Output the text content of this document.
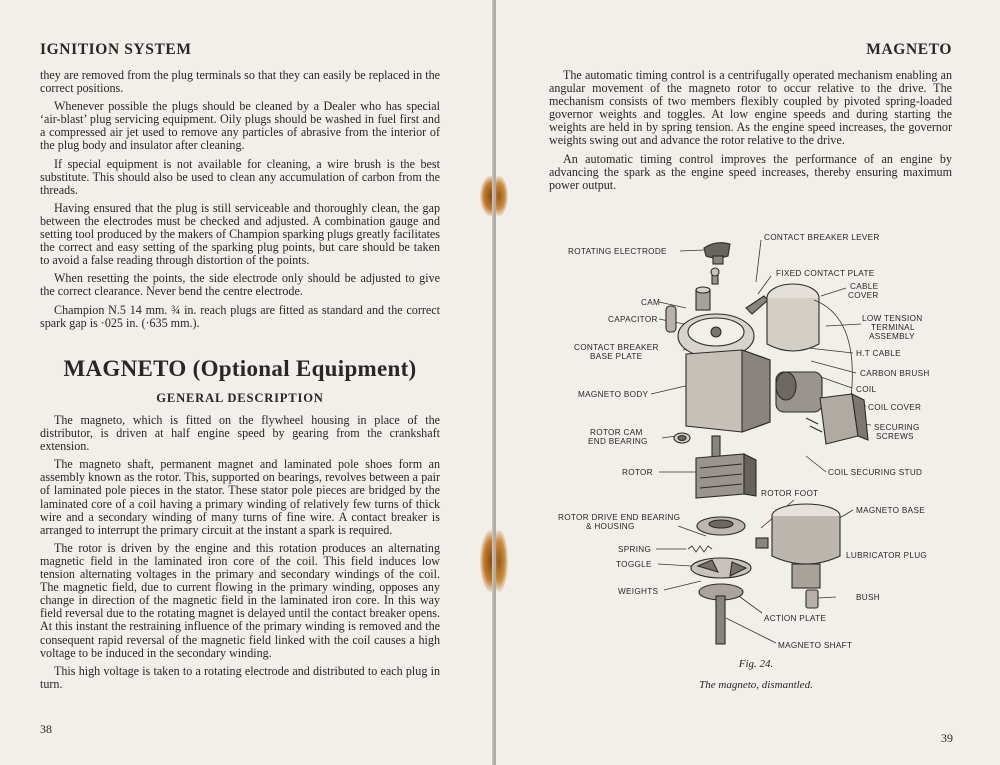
IGNITION SYSTEM

they are removed from the plug terminals so that they can easily be replaced in the correct positions.

Whenever possible the plugs should be cleaned by a Dealer who has special ‘air-blast’ plug servicing equipment. Oily plugs should be washed in fuel first and a compressed air jet used to remove any particles of abrasive from the interior of the plug body and insulator after cleaning.

If special equipment is not available for cleaning, a wire brush is the best substitute. This should also be used to clean any accumulation of carbon from the threads.

Having ensured that the plug is still serviceable and thoroughly clean, the gap between the electrodes must be checked and adjusted. A combination gauge and setting tool produced by the makers of Champion sparking plugs greatly facilitates the correct and easy setting of the sparking plug points, but care should be taken to avoid a false reading through distortion of the points.

When resetting the points, the side electrode only should be adjusted to give the correct clearance. Never bend the centre electrode.

Champion N.5 14 mm. ¾ in. reach plugs are fitted as standard and the correct spark gap is ·025 in. (·635 mm.).

MAGNETO (Optional Equipment)
GENERAL DESCRIPTION

The magneto, which is fitted on the flywheel housing in place of the distributor, is driven at half engine speed by gearing from the crankshaft extension.

The magneto shaft, permanent magnet and laminated pole shoes form an assembly known as the rotor. This, supported on bearings, revolves between a pair of laminated pole pieces in the stator. These stator pole pieces are bridged by the laminated core of a coil having a primary winding of relatively few turns of thick wire and a secondary winding of many turns of fine wire. A contact breaker is arranged to interrupt the primary circuit at the instant a spark is required.

The rotor is driven by the engine and this rotation produces an alternating magnetic field in the laminated iron core of the coil. This field induces low tension alternating voltages in the primary and secondary windings of the coil. The magnetic field, due to current flowing in the primary winding, opposes any change in direction of the magnetic field in the laminated iron core. In this way field reversal due to the rotating magnet is delayed until the contact breaker opens. At this instant the restraining influence of the primary winding is removed and the consequent rapid reversal of the magnetic field linked with the coil causes a high voltage to be induced in the secondary winding.

This high voltage is taken to a rotating electrode and distributed to each plug in turn.

38
MAGNETO

The automatic timing control is a centrifugally operated mechanism enabling an angular movement of the magneto rotor to occur relative to the drive. The mechanism consists of two members flexibly coupled by pivoted spring-loaded governor weights and toggles. At low engine speeds and during starting the weights are held in by spring tension. As the engine speed increases, the governor weights swing out and advance the rotor relative to the drive.

An automatic timing control improves the performance of an engine by advancing the spark as the engine speed increases, thereby ensuring maximum power output.

CONTACT BREAKER LEVER
ROTATING ELECTRODE
FIXED CONTACT PLATE
CABLE
COVER
CAM
CAPACITOR	LOW TENSION
TERMINAL
ASSEMBLY
CONTACT BREAKER
BASE PLATE	H.T CABLE
CARBON BRUSH
MAGNETO BODY
COIL
COIL COVER
ROTOR CAM
END BEARING
SECURING
SCREWS
ROTOR	COIL SECURING STUD
ROTOR FOOT
ROTOR DRIVE END BEARING
& HOUSING
MAGNETO BASE
SPRING
LUBRICATOR PLUG
TOGGLE
WEIGHTS
BUSH
ACTION PLATE
MAGNETO SHAFT
Fig. 24.
The magneto, dismantled.
39
